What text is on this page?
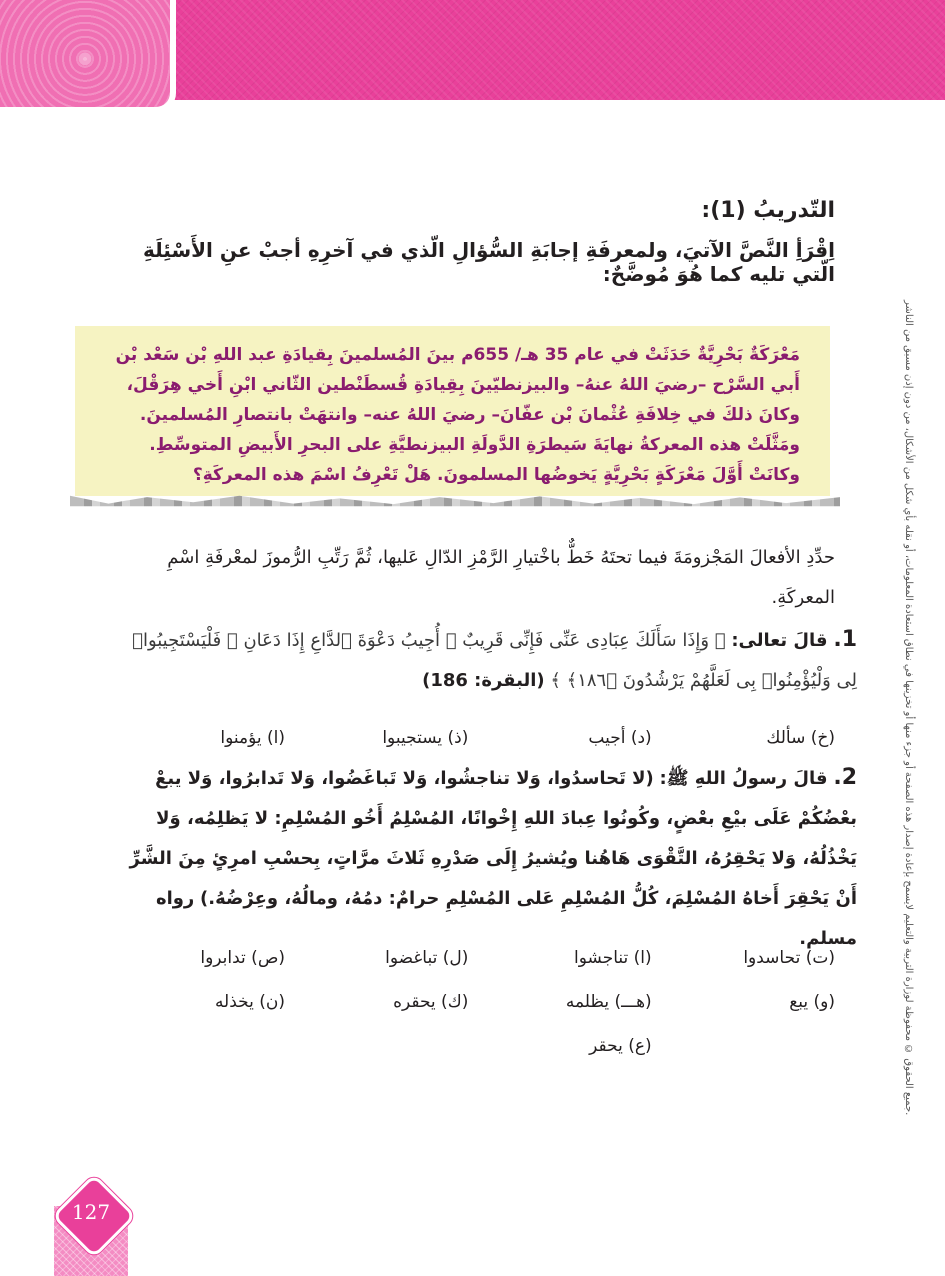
جميع الحقوق © محفوظة لوزارة التربية والتعليم لايسمح بإعادة إصدار هذه الصفحة أو جزء منها أو تخزينها في نطاق استعادة المعلومات، أو نقله بأي شكل من الأشكال، من دون إذن مسبق من الناشر.
التّدريبُ (1):
اِقْرَأِ النَّصَّ الآتيَ، ولمعرفَةِ إجابَةِ السُّؤالِ الّذي في آخرِهِ أجبْ عنِ الأَسْئِلَةِ الّتي تليه كما هُوَ مُوضَّحٌ:
مَعْرَكَةٌ بَحْرِيَّةٌ حَدَثَتْ في عام 35 هـ/ 655م بينَ المُسلمينَ بِقيادَةِ عبد اللهِ بْن سَعْد بْن أَبي السَّرْح –رضيَ اللهُ عنهُ– والبيزنطيّينَ بِقِيادَةِ قُسطَنْطين الثّاني ابْنِ أَخي هِرَقْلَ، وكانَ ذلكَ في خِلافَةِ عُثْمانَ بْن عفّانَ– رضيَ اللهُ عنه– وانتهَتْ بانتصارِ المُسلمينَ. ومَثَّلَتْ هذه المعركةُ نهايَةَ سَيطرَةِ الدَّولَةِ البيزنطيَّةِ على البحرِ الأَبيضِ المتوسِّطِ. وكانَتْ أَوَّلَ مَعْرَكَةٍ بَحْرِيَّةٍ يَخوضُها المسلمونَ. هَلْ تَعْرِفُ اسْمَ هذه المعركَةِ؟
حدِّدِ الأفعالَ المَجْزومَةَ فيما تحتَهُ خَطٌّ باخْتيارِ الرَّمْزِ الدّالِ عَليها، ثُمَّ رَتِّبِ الرُّموزَ لمعْرفَةِ اسْمِ المعركَةِ.
1. قالَ تعالى: ﴿ وَإِذَا سَأَلَكَ عِبَادِى عَنِّى فَإِنِّى قَرِيبٌ ۖ أُجِيبُ دَعْوَةَ ٱلدَّاعِ إِذَا دَعَانِ ۖ فَلْيَسْتَجِيبُوا۟ لِى وَلْيُؤْمِنُوا۟ بِى لَعَلَّهُمْ يَرْشُدُونَ ﴿١٨٦﴾ ﴾ (البقرة: 186)
(خ) سألك
(د) أجيب
(ذ) يستجيبوا
(ا) يؤمنوا
2. قالَ رسولُ اللهِ ﷺ: (لا تَحاسدُوا، وَلا تناجشُوا، وَلا تَباغَضُوا، وَلا تَدابرُوا، وَلا يبعْ بعْضُكُمْ عَلَى بيْعِ بعْضٍ، وكُونُوا عِبادَ اللهِ إِخْوانًا، المُسْلِمُ أَخُو المُسْلِمِ: لا يَظلِمُه، وَلا يَخْذُلُهُ، وَلا يَحْقِرُهُ، التَّقْوَى هَاهُنا ويُشيرُ إِلَى صَدْرِهِ ثَلاثَ مرَّاتٍ، بِحسْبِ امرِئٍ مِنَ الشَّرِّ أَنْ يَحْقِرَ أَخاهُ المُسْلِمَ، كُلُّ المُسْلِمِ عَلى المُسْلِمِ حرامٌ: دمُهُ، ومالُهُ، وعِرْضُهُ.) رواه مسلم.
(ت) تحاسدوا
(ا) تناجشوا
(ل) تباغضوا
(ص) تدابروا
(و) يبع
(هـــ) يظلمه
(ك) يحقره
(ن) يخذله
(ع) يحقر
127
